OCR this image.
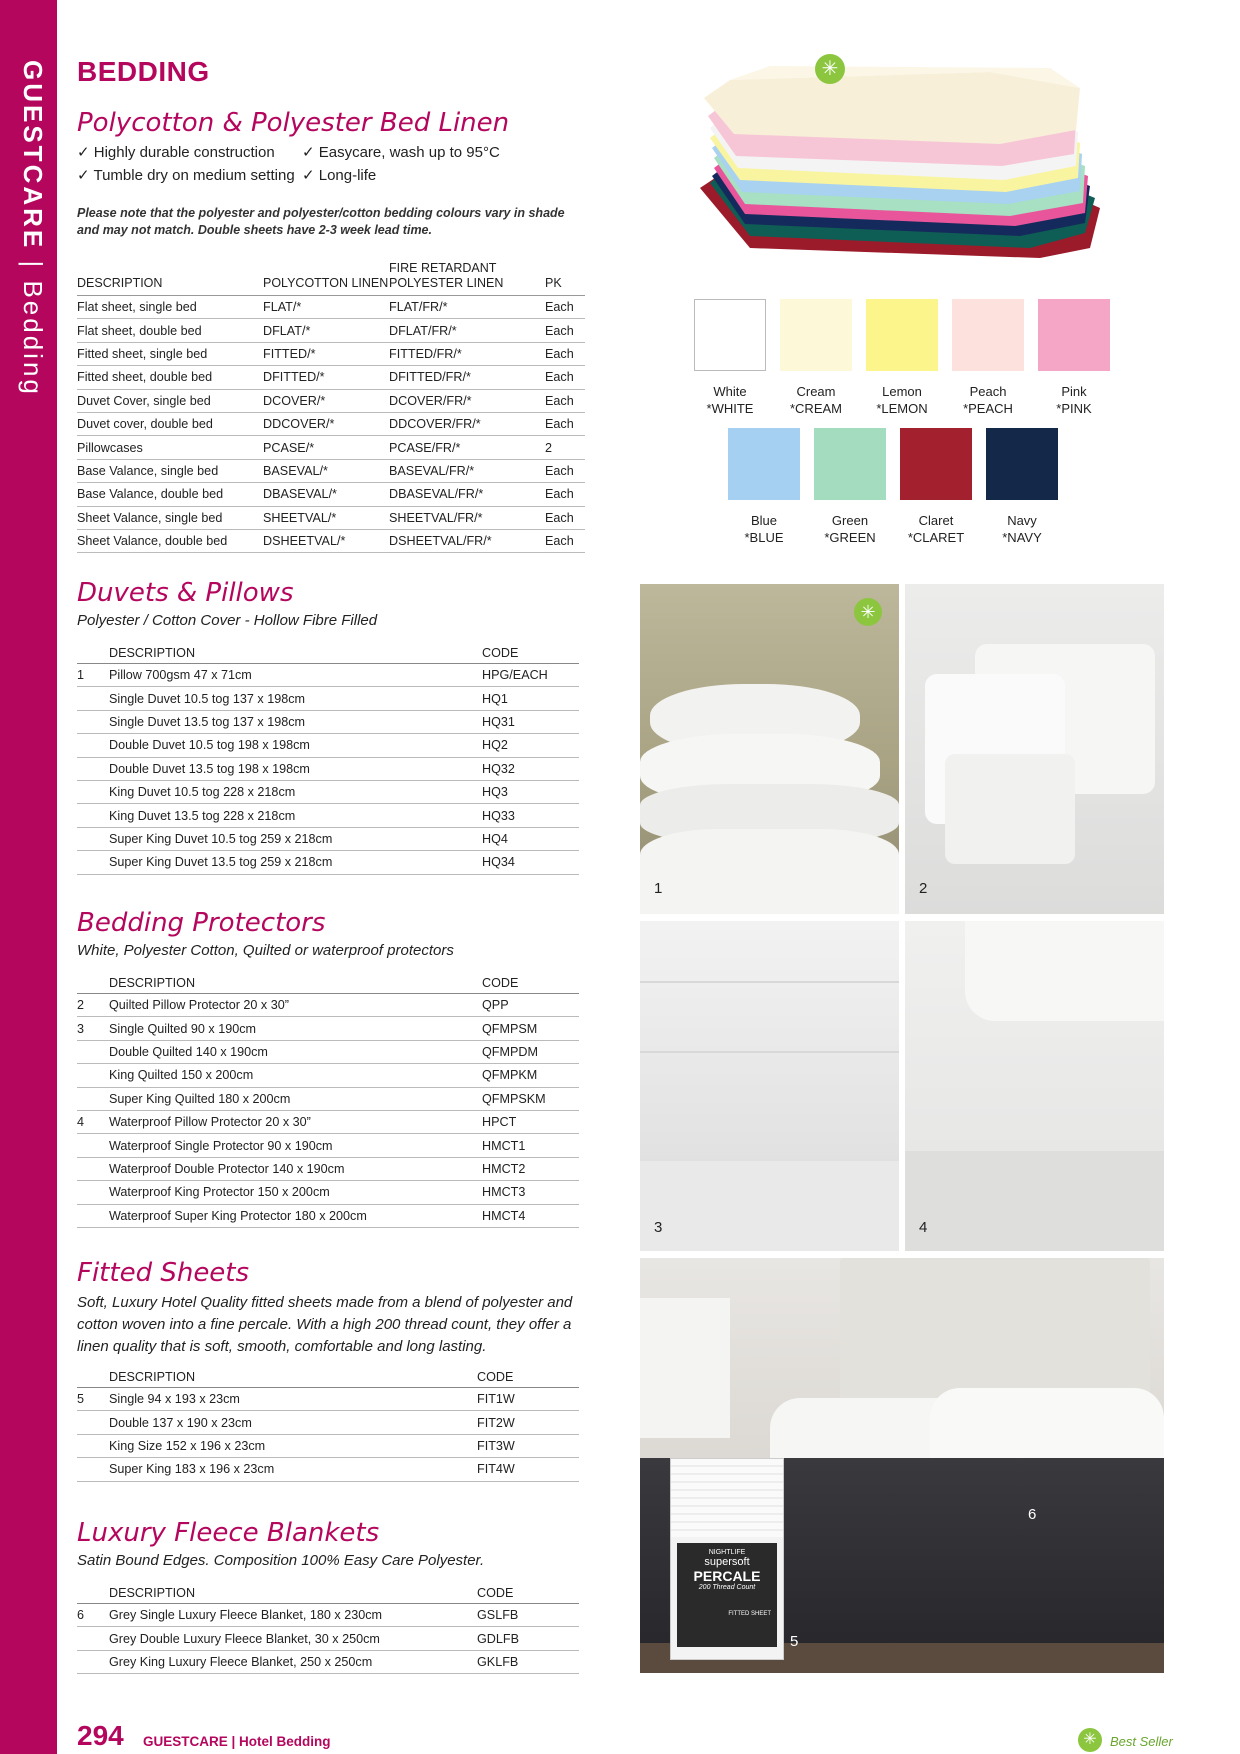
GUESTCARE | Bedding
BEDDING
Polycotton & Polyester Bed Linen
✓ Highly durable construction ✓ Easycare, wash up to 95°C
✓ Tumble dry on medium setting ✓ Long-life
Please note that the polyester and polyester/cotton bedding colours vary in shade and may not match. Double sheets have 2-3 week lead time.
DESCRIPTION	POLYCOTTON LINEN	FIRE RETARDANT POLYESTER LINEN	PK
Flat sheet, single bed	FLAT/*	FLAT/FR/*	Each
Flat sheet, double bed	DFLAT/*	DFLAT/FR/*	Each
Fitted sheet, single bed	FITTED/*	FITTED/FR/*	Each
Fitted sheet, double bed	DFITTED/*	DFITTED/FR/*	Each
Duvet Cover, single bed	DCOVER/*	DCOVER/FR/*	Each
Duvet cover, double bed	DDCOVER/*	DDCOVER/FR/*	Each
Pillowcases	PCASE/*	PCASE/FR/*	2
Base Valance, single bed	BASEVAL/*	BASEVAL/FR/*	Each
Base Valance, double bed	DBASEVAL/*	DBASEVAL/FR/*	Each
Sheet Valance, single bed	SHEETVAL/*	SHEETVAL/FR/*	Each
Sheet Valance, double bed	DSHEETVAL/*	DSHEETVAL/FR/*	Each
✳
White
*WHITE
Cream
*CREAM
Lemon
*LEMON
Peach
*PEACH
Pink
*PINK
Blue
*BLUE
Green
*GREEN
Claret
*CLARET
Navy
*NAVY
Duvets & Pillows
Polyester / Cotton Cover - Hollow Fibre Filled
	DESCRIPTION	CODE
1	Pillow 700gsm 47 x 71cm	HPG/EACH
	Single Duvet 10.5 tog 137 x 198cm	HQ1
	Single Duvet 13.5 tog 137 x 198cm	HQ31
	Double Duvet 10.5 tog 198 x 198cm	HQ2
	Double Duvet 13.5 tog 198 x 198cm	HQ32
	King Duvet 10.5 tog 228 x 218cm	HQ3
	King Duvet 13.5 tog 228 x 218cm	HQ33
	Super King Duvet 10.5 tog 259 x 218cm	HQ4
	Super King Duvet 13.5 tog 259 x 218cm	HQ34
Bedding Protectors
White, Polyester Cotton, Quilted or waterproof protectors
	DESCRIPTION	CODE
2	Quilted Pillow Protector 20 x 30”	QPP
3	Single Quilted 90 x 190cm	QFMPSM
	Double Quilted 140 x 190cm	QFMPDM
	King Quilted 150 x 200cm	QFMPKM
	Super King Quilted 180 x 200cm	QFMPSKM
4	Waterproof Pillow Protector 20 x 30”	HPCT
	Waterproof Single Protector 90 x 190cm	HMCT1
	Waterproof Double Protector 140 x 190cm	HMCT2
	Waterproof King Protector 150 x 200cm	HMCT3
	Waterproof Super King Protector 180 x 200cm	HMCT4
Fitted Sheets
Soft, Luxury Hotel Quality fitted sheets made from a blend of polyester and cotton woven into a fine percale. With a high 200 thread count, they offer a linen quality that is soft, smooth, comfortable and long lasting.
	DESCRIPTION	CODE
5	Single 94 x 193 x 23cm	FIT1W
	Double 137 x 190 x 23cm	FIT2W
	King Size 152 x 196 x 23cm	FIT3W
	Super King 183 x 196 x 23cm	FIT4W
Luxury Fleece Blankets
Satin Bound Edges. Composition 100% Easy Care Polyester.
	DESCRIPTION	CODE
6	Grey Single Luxury Fleece Blanket, 180 x 230cm	GSLFB
	Grey Double Luxury Fleece Blanket, 30 x 250cm	GDLFB
	Grey King Luxury Fleece Blanket, 250 x 250cm	GKLFB
✳
1	2
3	4
NIGHTLIFE
supersoft
PERCALE
200 Thread Count
FITTED SHEET
5
6
294 GUESTCARE | Hotel Bedding	✳	Best Seller
